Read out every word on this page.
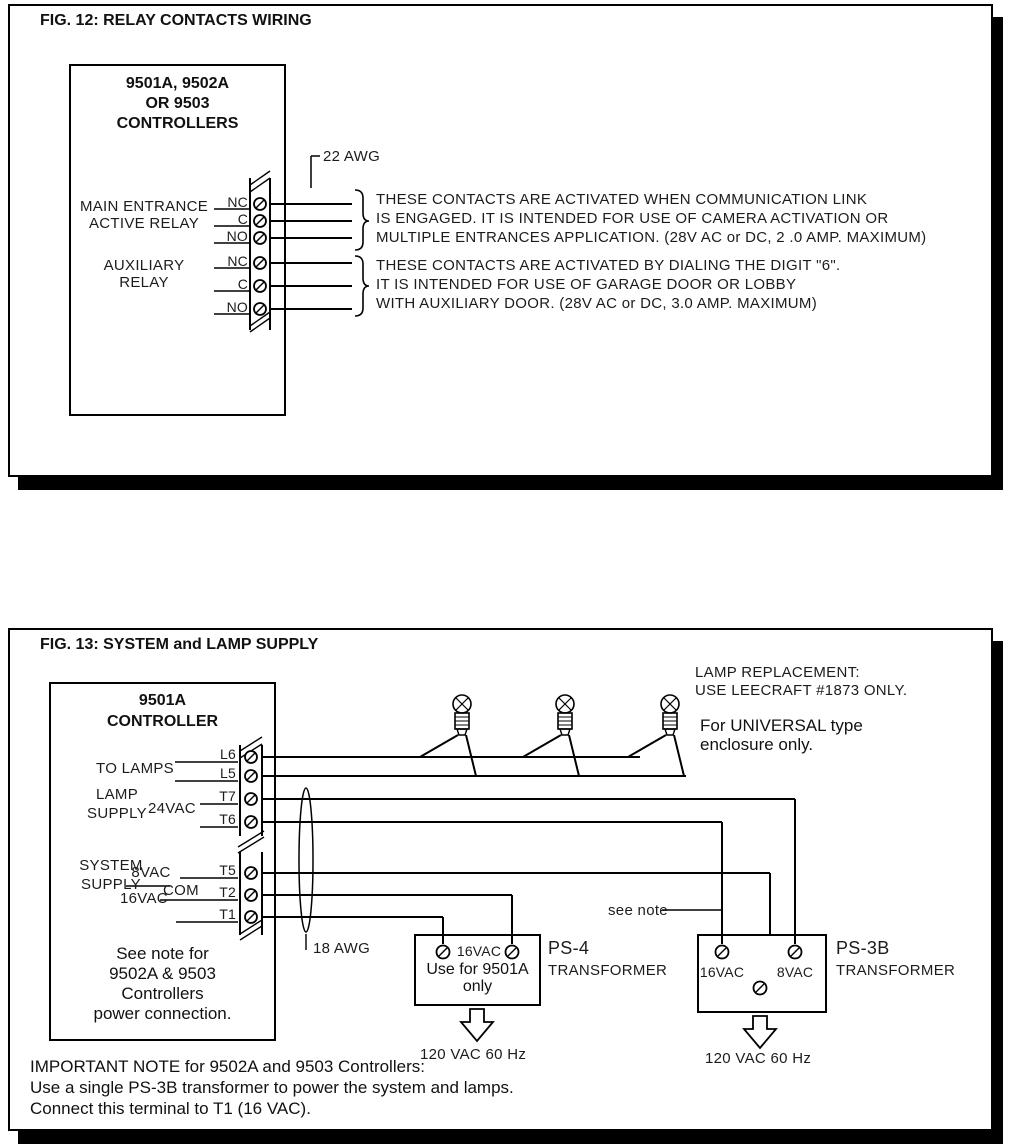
FIG. 12: RELAY CONTACTS WIRING
9501A, 9502A
OR 9503
CONTROLLERS
MAIN ENTRANCE
ACTIVE RELAY
AUXILIARY
RELAY
NC
C
NO
NC
C
NO
22 AWG
THESE CONTACTS ARE ACTIVATED WHEN COMMUNICATION LINK
IS ENGAGED. IT IS INTENDED FOR USE OF CAMERA ACTIVATION OR
MULTIPLE ENTRANCES APPLICATION. (28V AC or DC, 2 .0 AMP. MAXIMUM)
THESE CONTACTS ARE ACTIVATED BY DIALING THE DIGIT "6".
IT IS INTENDED FOR USE OF GARAGE DOOR OR LOBBY
WITH AUXILIARY DOOR. (28V AC or DC, 3.0 AMP. MAXIMUM)
FIG. 13: SYSTEM and LAMP SUPPLY
9501A
CONTROLLER
LAMP REPLACEMENT:
USE LEECRAFT #1873 ONLY.
For UNIVERSAL type
enclosure only.
TO LAMPS
LAMP
SUPPLY 24VAC
SYSTEM
SUPPLY
8VAC
COM
16VAC
L6
L5
T7
T6
T5
T2
T1
See note for
9502A & 9503
Controllers
power connection.
18 AWG
see note
16VAC
Use for 9501A
only
PS-4
TRANSFORMER
120 VAC 60 Hz
16VAC	8VAC
PS-3B
TRANSFORMER
120 VAC 60 Hz
IMPORTANT NOTE for 9502A and 9503 Controllers:
Use a single PS-3B transformer to power the system and lamps.
Connect this terminal to T1 (16 VAC).
